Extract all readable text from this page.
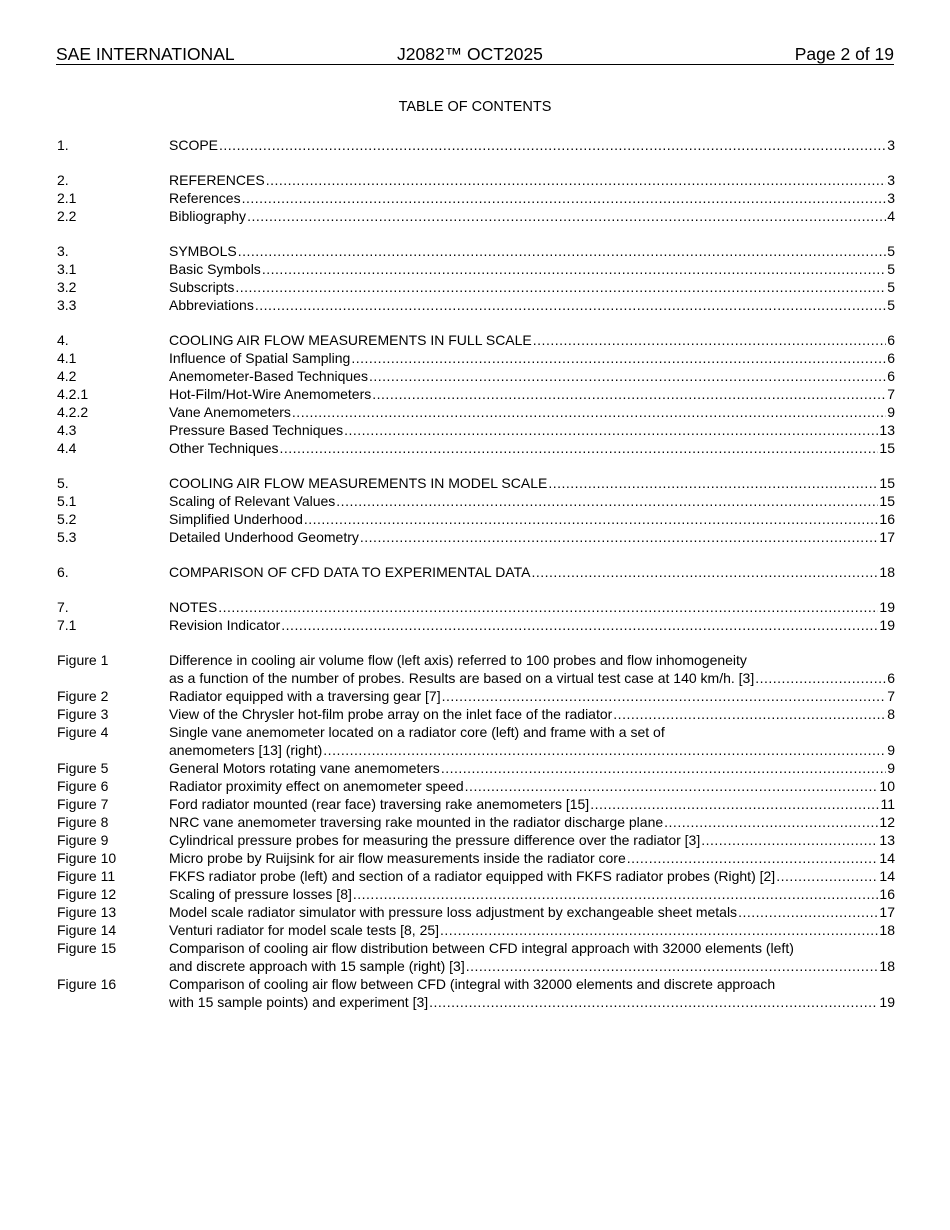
SAE INTERNATIONAL	J2082™ OCT2025	Page 2 of 19
TABLE OF CONTENTS
1.	SCOPE .....	3
2.	REFERENCES .....	3
2.1	References .....	3
2.2	Bibliography .....	4
3.	SYMBOLS .....	5
3.1	Basic Symbols .....	5
3.2	Subscripts .....	5
3.3	Abbreviations .....	5
4.	COOLING AIR FLOW MEASUREMENTS IN FULL SCALE .....	6
4.1	Influence of Spatial Sampling .....	6
4.2	Anemometer-Based Techniques .....	6
4.2.1	Hot-Film/Hot-Wire Anemometers .....	7
4.2.2	Vane Anemometers .....	9
4.3	Pressure Based Techniques .....	13
4.4	Other Techniques .....	15
5.	COOLING AIR FLOW MEASUREMENTS IN MODEL SCALE .....	15
5.1	Scaling of Relevant Values .....	15
5.2	Simplified Underhood .....	16
5.3	Detailed Underhood Geometry .....	17
6.	COMPARISON OF CFD DATA TO EXPERIMENTAL DATA .....	18
7.	NOTES .....	19
7.1	Revision Indicator .....	19
Figure 1	Difference in cooling air volume flow (left axis) referred to 100 probes and flow inhomogeneity
as a function of the number of probes. Results are based on a virtual test case at 140 km/h. [3] .....	6
Figure 2	Radiator equipped with a traversing gear [7] .....	7
Figure 3	View of the Chrysler hot-film probe array on the inlet face of the radiator .....	8
Figure 4	Single vane anemometer located on a radiator core (left) and frame with a set of
anemometers [13] (right) .....	9
Figure 5	General Motors rotating vane anemometers .....	9
Figure 6	Radiator proximity effect on anemometer speed .....	10
Figure 7	Ford radiator mounted (rear face) traversing rake anemometers [15] .....	11
Figure 8	NRC vane anemometer traversing rake mounted in the radiator discharge plane .....	12
Figure 9	Cylindrical pressure probes for measuring the pressure difference over the radiator [3] .....	13
Figure 10	Micro probe by Ruijsink for air flow measurements inside the radiator core .....	14
Figure 11	FKFS radiator probe (left) and section of a radiator equipped with FKFS radiator probes (Right) [2] .....	14
Figure 12	Scaling of pressure losses [8] .....	16
Figure 13	Model scale radiator simulator with pressure loss adjustment by exchangeable sheet metals .....	17
Figure 14	Venturi radiator for model scale tests [8, 25] .....	18
Figure 15	Comparison of cooling air flow distribution between CFD integral approach with 32000 elements (left)
and discrete approach with 15 sample (right) [3] .....	18
Figure 16	Comparison of cooling air flow between CFD (integral with 32000 elements and discrete approach
with 15 sample points) and experiment [3] .....	19
